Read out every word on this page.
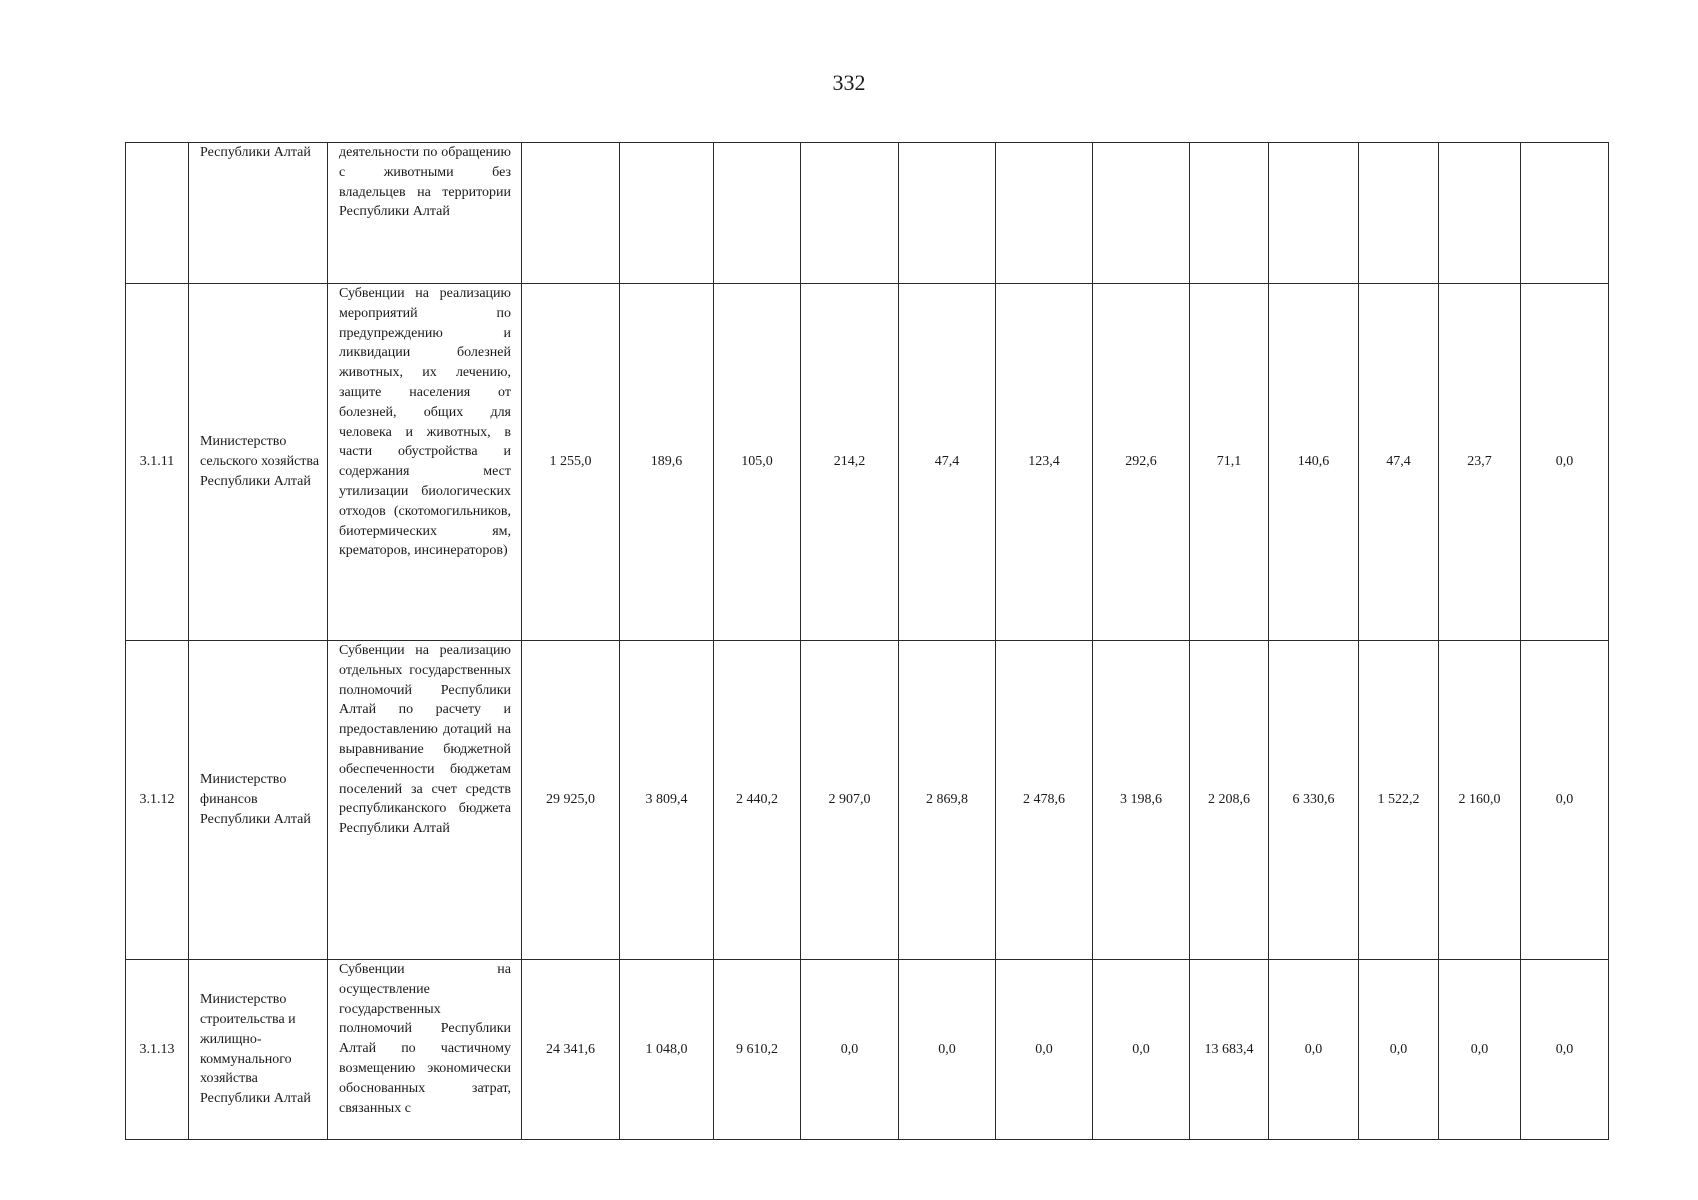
332

	Республики Алтай	деятельности по обращению с животными без владельцев на территории Республики Алтай												

3.1.11	Министерство сельского хозяйства Республики Алтай	Субвенции на реализацию мероприятий по предупреждению и ликвидации болезней животных, их лечению, защите населения от болезней, общих для человека и животных, в части обустройства и содержания мест утилизации биологических отходов (скотомогильников, биотермических ям, крематоров, инсинераторов)	1 255,0	189,6	105,0	214,2	47,4	123,4	292,6	71,1	140,6	47,4	23,7	0,0
3.1.12	Министерство финансов Республики Алтай	Субвенции на реализацию отдельных государственных полномочий Республики Алтай по расчету и предоставлению дотаций на выравнивание бюджетной обеспеченности бюджетам поселений за счет средств республиканского бюджета Республики Алтай	29 925,0	3 809,4	2 440,2	2 907,0	2 869,8	2 478,6	3 198,6	2 208,6	6 330,6	1 522,2	2 160,0	0,0
3.1.13	Министерство строительства и жилищно-коммунального хозяйства Республики Алтай	Субвенции на осуществление государственных полномочий Республики Алтай по частичному возмещению экономически обоснованных затрат, связанных с	24 341,6	1 048,0	9 610,2	0,0	0,0	0,0	0,0	13 683,4	0,0	0,0	0,0	0,0
